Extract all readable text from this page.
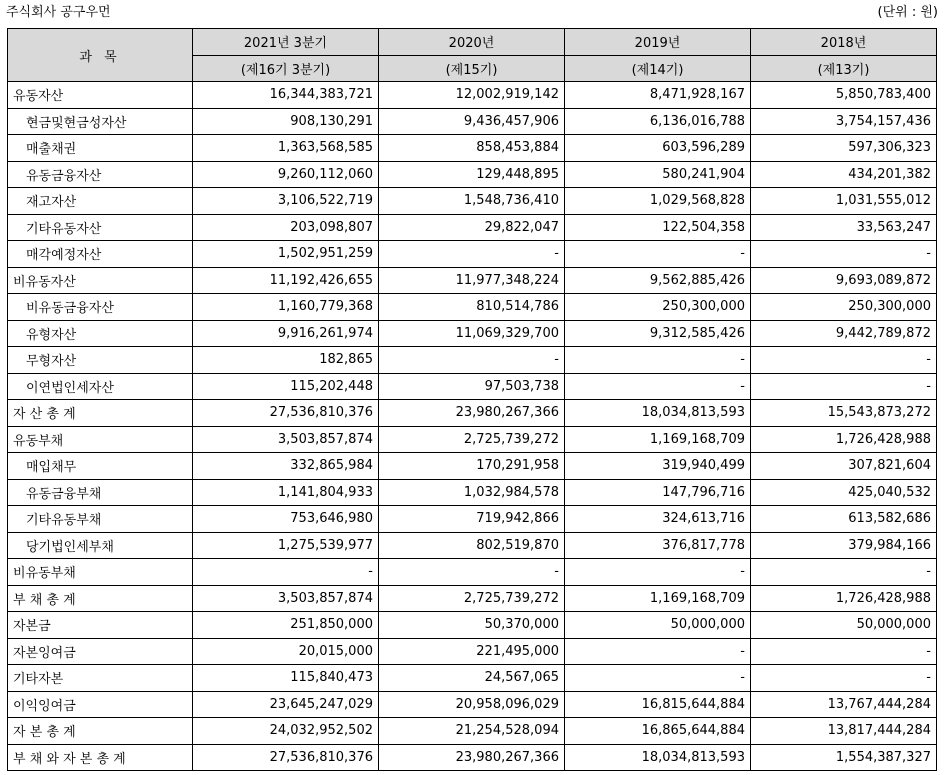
주식회사 공구우먼	(단위 : 원)
과 목	2021년 3분기	2020년	2019년	2018년
	(제16기 3분기)	(제15기)	(제14기)	(제13기)
유동자산	16,344,383,721	12,002,919,142	8,471,928,167	5,850,783,400
현금및현금성자산	908,130,291	9,436,457,906	6,136,016,788	3,754,157,436
매출채권	1,363,568,585	858,453,884	603,596,289	597,306,323
유동금융자산	9,260,112,060	129,448,895	580,241,904	434,201,382
재고자산	3,106,522,719	1,548,736,410	1,029,568,828	1,031,555,012
기타유동자산	203,098,807	29,822,047	122,504,358	33,563,247
매각예정자산	1,502,951,259	-	-	-
비유동자산	11,192,426,655	11,977,348,224	9,562,885,426	9,693,089,872
비유동금융자산	1,160,779,368	810,514,786	250,300,000	250,300,000
유형자산	9,916,261,974	11,069,329,700	9,312,585,426	9,442,789,872
무형자산	182,865	-	-	-
이연법인세자산	115,202,448	97,503,738	-	-
자 산 총 계	27,536,810,376	23,980,267,366	18,034,813,593	15,543,873,272
유동부채	3,503,857,874	2,725,739,272	1,169,168,709	1,726,428,988
매입채무	332,865,984	170,291,958	319,940,499	307,821,604
유동금융부채	1,141,804,933	1,032,984,578	147,796,716	425,040,532
기타유동부채	753,646,980	719,942,866	324,613,716	613,582,686
당기법인세부채	1,275,539,977	802,519,870	376,817,778	379,984,166
비유동부채	-	-	-	-
부 채 총 계	3,503,857,874	2,725,739,272	1,169,168,709	1,726,428,988
자본금	251,850,000	50,370,000	50,000,000	50,000,000
자본잉여금	20,015,000	221,495,000	-	-
기타자본	115,840,473	24,567,065	-	-
이익잉여금	23,645,247,029	20,958,096,029	16,815,644,884	13,767,444,284
자 본 총 계	24,032,952,502	21,254,528,094	16,865,644,884	13,817,444,284
부 채 와 자 본 총 계	27,536,810,376	23,980,267,366	18,034,813,593	1,554,387,327
